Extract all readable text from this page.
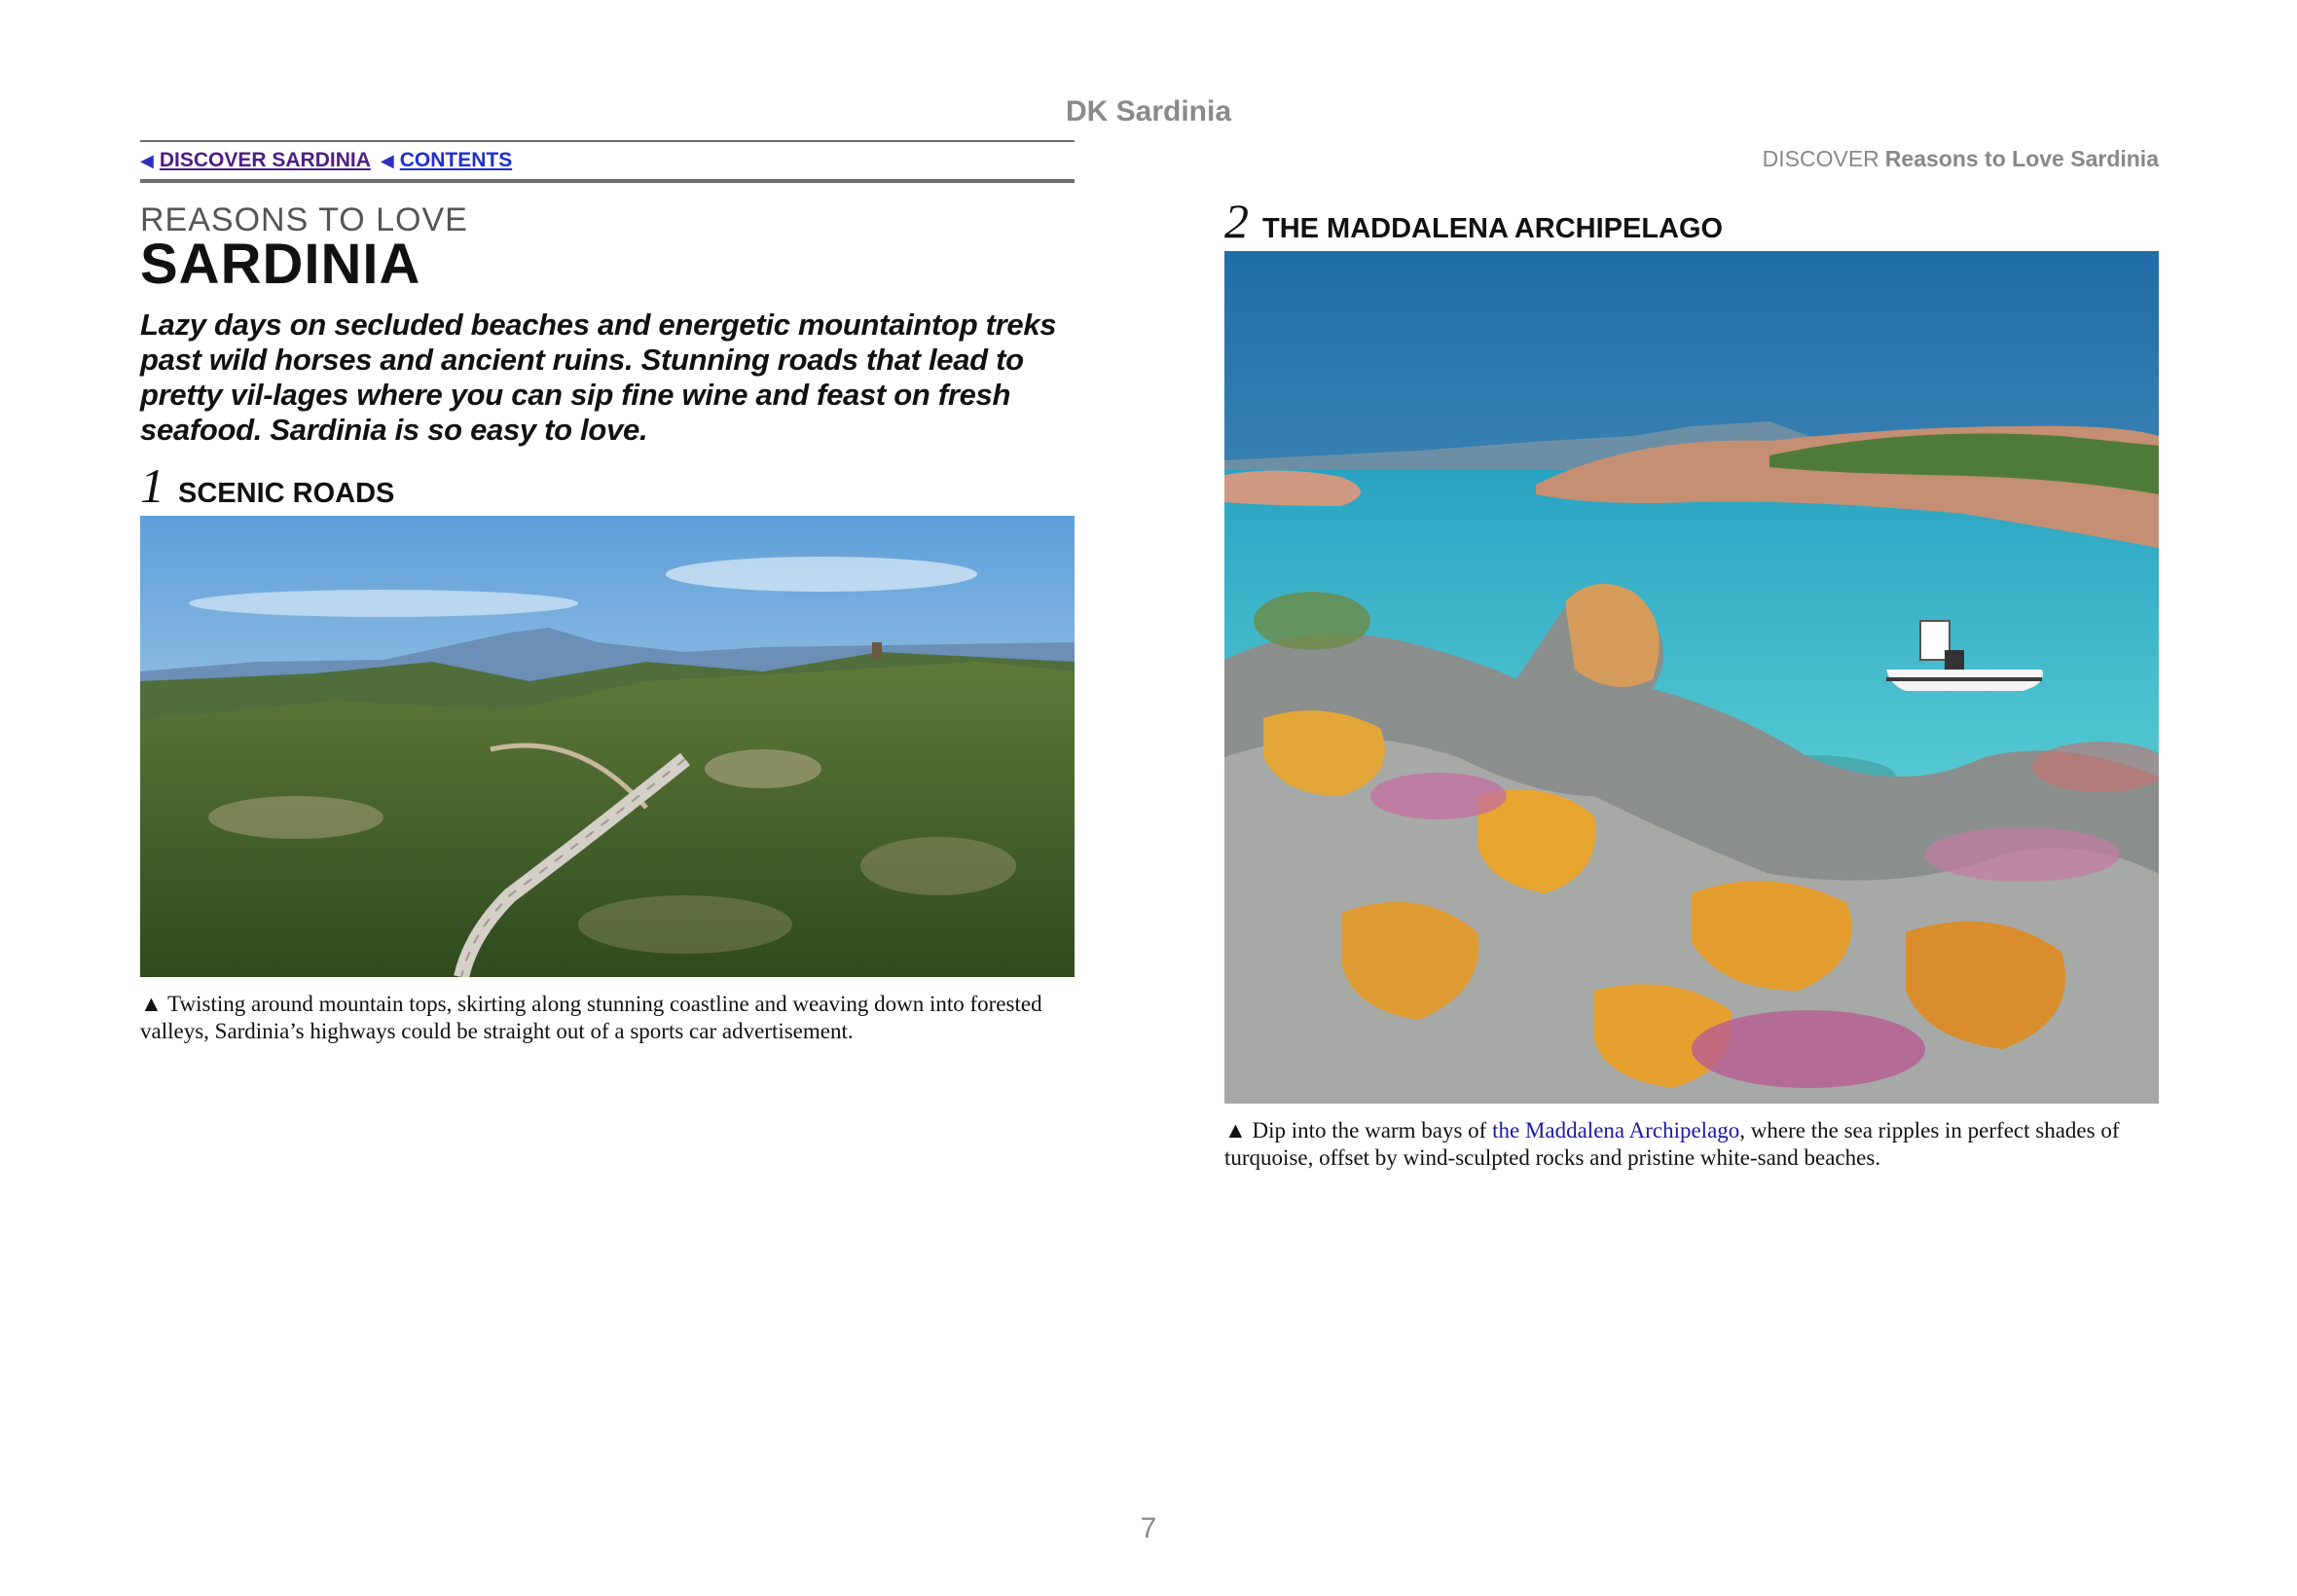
DK Sardinia
◀ DISCOVER SARDINIA ◀ CONTENTS
REASONS TO LOVE
SARDINIA
Lazy days on secluded beaches and energetic mountaintop treks past wild horses and ancient ruins. Stunning roads that lead to pretty vil-lages where you can sip fine wine and feast on fresh seafood. Sardinia is so easy to love.
1 SCENIC ROADS
▲ Twisting around mountain tops, skirting along stunning coastline and weaving down into forested valleys, Sardinia’s highways could be straight out of a sports car advertisement.
DISCOVER Reasons to Love Sardinia
2 THE MADDALENA ARCHIPELAGO
▲ Dip into the warm bays of the Maddalena Archipelago, where the sea ripples in perfect shades of turquoise, offset by wind-sculpted rocks and pristine white-sand beaches.
7
